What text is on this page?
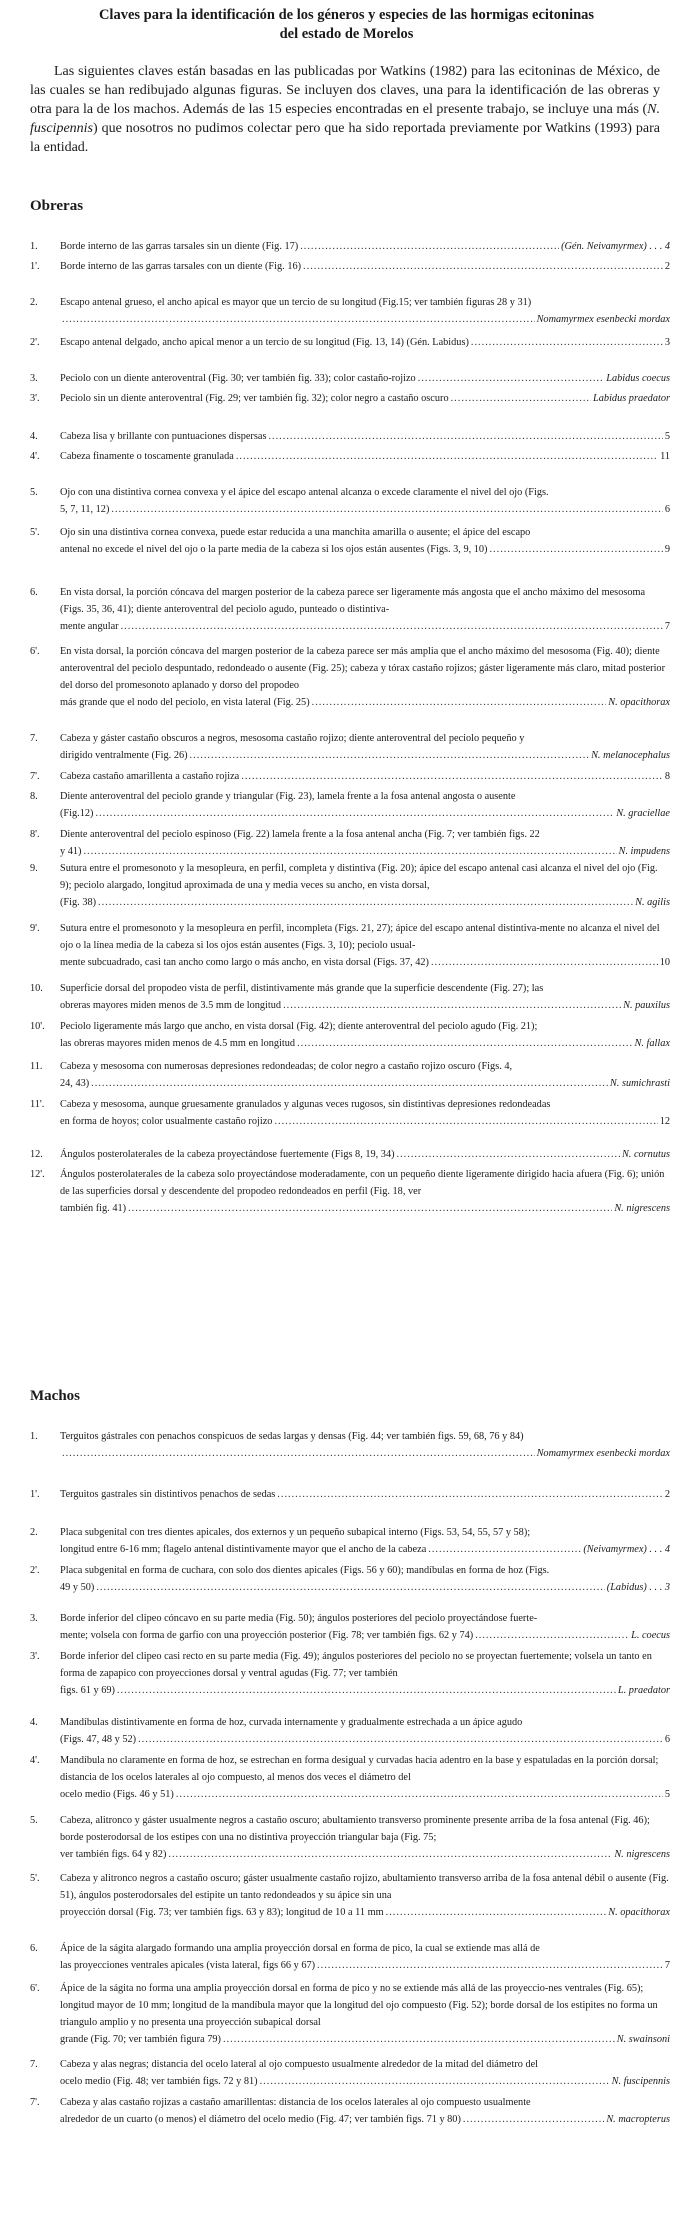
Claves para la identificación de los géneros y especies de las hormigas ecitoninas
del estado de Morelos
Las siguientes claves están basadas en las publicadas por Watkins (1982) para las ecitoninas de México, de las cuales se han redibujado algunas figuras. Se incluyen dos claves, una para la identificación de las obreras y otra para la de los machos. Además de las 15 especies encontradas en el presente trabajo, se incluye una más (N. fuscipennis) que nosotros no pudimos colectar pero que ha sido reportada previamente por Watkins (1993) para la entidad.
Obreras
1. Borde interno de las garras tarsales sin un diente (Fig. 17) .....	(Gén. Neivamyrmex) . . . 4
1'. Borde interno de las garras tarsales con un diente (Fig. 16) .....	2
2. Escapo antenal grueso, el ancho apical es mayor que un tercio de su longitud (Fig.15; ver también figuras 28 y 31)
.....
Nomamyrmex esenbecki mordax
2'. Escapo antenal delgado, ancho apical menor a un tercio de su longitud (Fig. 13, 14) (Gén. Labidus) .....	3
3. Peciolo con un diente anteroventral (Fig. 30; ver también fig. 33); color castaño-rojizo .....	Labidus coecus
3'. Peciolo sin un diente anteroventral (Fig. 29; ver también fig. 32); color negro a castaño oscuro .....	Labidus praedator
4. Cabeza lisa y brillante con puntuaciones dispersas .....	5
4'. Cabeza finamente o toscamente granulada .....	11
5. Ojo con una distintiva cornea convexa y el ápice del escapo antenal alcanza o excede claramente el nivel del ojo (Figs.
5, 7, 11, 12) .....	6
5'. Ojo sin una distintiva cornea convexa, puede estar reducida a una manchita amarilla o ausente; el ápice del escapo
antenal no excede el nivel del ojo o la parte media de la cabeza si los ojos están ausentes (Figs. 3, 9, 10) .....	9
6. En vista dorsal, la porción cóncava del margen posterior de la cabeza parece ser ligeramente más angosta que el ancho máximo del mesosoma (Figs. 35, 36, 41); diente anteroventral del peciolo agudo, punteado o distintiva-
mente angular .....	7
6'. En vista dorsal, la porción cóncava del margen posterior de la cabeza parece ser más amplia que el ancho máximo del mesosoma (Fig. 40); diente anteroventral del peciolo despuntado, redondeado o ausente (Fig. 25); cabeza y tórax castaño rojizos; gáster ligeramente más claro, mitad posterior del dorso del promesonoto aplanado y dorso del propodeo
más grande que el nodo del peciolo, en vista lateral (Fig. 25) .....	N. opacithorax
7. Cabeza y gáster castaño obscuros a negros, mesosoma castaño rojizo; diente anteroventral del peciolo pequeño y
dirigido ventralmente (Fig. 26) .....	N. melanocephalus
7'. Cabeza castaño amarillenta a castaño rojiza .....	8
8. Diente anteroventral del peciolo grande y triangular (Fig. 23), lamela frente a la fosa antenal angosta o ausente
(Fig.12) .....	N. graciellae
8'. Diente anteroventral del peciolo espinoso (Fig. 22) lamela frente a la fosa antenal ancha (Fig. 7; ver también figs. 22
y 41) .....	N. impudens
9. Sutura entre el promesonoto y la mesopleura, en perfil, completa y distintiva (Fig. 20); ápice del escapo antenal casi alcanza el nivel del ojo (Fig. 9); peciolo alargado, longitud aproximada de una y media veces su ancho, en vista dorsal,
(Fig. 38) .....	N. agilis
9'. Sutura entre el promesonoto y la mesopleura en perfil, incompleta (Figs. 21, 27); ápice del escapo antenal distintiva-mente no alcanza el nivel del ojo o la línea media de la cabeza si los ojos están ausentes (Figs. 3, 10); peciolo usual-
mente subcuadrado, casi tan ancho como largo o más ancho, en vista dorsal (Figs. 37, 42) .....	10
10. Superficie dorsal del propodeo vista de perfil, distintivamente más grande que la superficie descendente (Fig. 27); las
obreras mayores miden menos de 3.5 mm de longitud .....	N. pauxilus
10'. Peciolo ligeramente más largo que ancho, en vista dorsal (Fig. 42); diente anteroventral del peciolo agudo (Fig. 21);
las obreras mayores miden menos de 4.5 mm en longitud .....	N. fallax
11. Cabeza y mesosoma con numerosas depresiones redondeadas; de color negro a castaño rojizo oscuro (Figs. 4,
24, 43) .....	N. sumichrasti
11'. Cabeza y mesosoma, aunque gruesamente granulados y algunas veces rugosos, sin distintivas depresiones redondeadas
en forma de hoyos; color usualmente castaño rojizo .....	12
12. Ángulos posterolaterales de la cabeza proyectándose fuertemente (Figs 8, 19, 34) .....	N. cornutus
12'. Ángulos posterolaterales de la cabeza solo proyectándose moderadamente, con un pequeño diente ligeramente dirigido hacia afuera (Fig. 6); unión de las superficies dorsal y descendente del propodeo redondeados en perfil (Fig. 18, ver
también fig. 41) .....	N. nigrescens
Machos
1. Terguitos gástrales con penachos conspicuos de sedas largas y densas (Fig. 44; ver también figs. 59, 68, 76 y 84)
.....
Nomamyrmex esenbecki mordax
1'. Terguitos gastrales sin distintivos penachos de sedas .....	2
2. Placa subgenital con tres dientes apicales, dos externos y un pequeño subapical interno (Figs. 53, 54, 55, 57 y 58);
longitud entre 6-16 mm; flagelo antenal distintivamente mayor que el ancho de la cabeza .....	(Neivamyrmex) . . . 4
2'. Placa subgenital en forma de cuchara, con solo dos dientes apicales (Figs. 56 y 60); mandíbulas en forma de hoz (Figs.
49 y 50) .....	(Labidus) . . . 3
3. Borde inferior del clipeo cóncavo en su parte media (Fig. 50); ángulos posteriores del peciolo proyectándose fuerte-
mente; volsela con forma de garfio con una proyección posterior (Fig. 78; ver también figs. 62 y 74) .....	L. coecus
3'. Borde inferior del clipeo casi recto en su parte media (Fig. 49); ángulos posteriores del peciolo no se proyectan fuertemente; volsela un tanto en forma de zapapico con proyecciones dorsal y ventral agudas (Fig. 77; ver también
figs. 61 y 69) .....	L. praedator
4. Mandíbulas distintivamente en forma de hoz, curvada internamente y gradualmente estrechada a un ápice agudo
(Figs. 47, 48 y 52) .....	6
4'. Mandíbula no claramente en forma de hoz, se estrechan en forma desigual y curvadas hacia adentro en la base y espatuladas en la porción dorsal; distancia de los ocelos laterales al ojo compuesto, al menos dos veces el diámetro del
ocelo medio (Figs. 46 y 51) .....	5
5. Cabeza, alitronco y gáster usualmente negros a castaño oscuro; abultamiento transverso prominente presente arriba de la fosa antenal (Fig. 46); borde posterodorsal de los estipes con una no distintiva proyección triangular baja (Fig. 75;
ver también figs. 64 y 82) .....	N. nigrescens
5'. Cabeza y alitronco negros a castaño oscuro; gáster usualmente castaño rojizo, abultamiento transverso arriba de la fosa antenal débil o ausente (Fig. 51), ángulos posterodorsales del estipite un tanto redondeados y su ápice sin una
proyección dorsal (Fig. 73; ver también figs. 63 y 83); longitud de 10 a 11 mm .....	N. opacithorax
6. Ápice de la ságita alargado formando una amplia proyección dorsal en forma de pico, la cual se extiende mas allá de
las proyecciones ventrales apicales (vista lateral, figs 66 y 67) .....	7
6'. Ápice de la ságita no forma una amplia proyección dorsal en forma de pico y no se extiende más allá de las proyeccio-nes ventrales (Fig. 65); longitud mayor de 10 mm; longitud de la mandíbula mayor que la longitud del ojo compuesto (Fig. 52); borde dorsal de los estipites no forma un triangulo amplio y no presenta una proyección subapical dorsal
grande (Fig. 70; ver también figura 79) .....	N. swainsoni
7. Cabeza y alas negras; distancia del ocelo lateral al ojo compuesto usualmente alrededor de la mitad del diámetro del
ocelo medio (Fig. 48; ver también figs. 72 y 81) .....	N. fuscipennis
7'. Cabeza y alas castaño rojizas a castaño amarillentas: distancia de los ocelos laterales al ojo compuesto usualmente
alrededor de un cuarto (o menos) el diámetro del ocelo medio (Fig. 47; ver también figs. 71 y 80) .....	N. macropterus
